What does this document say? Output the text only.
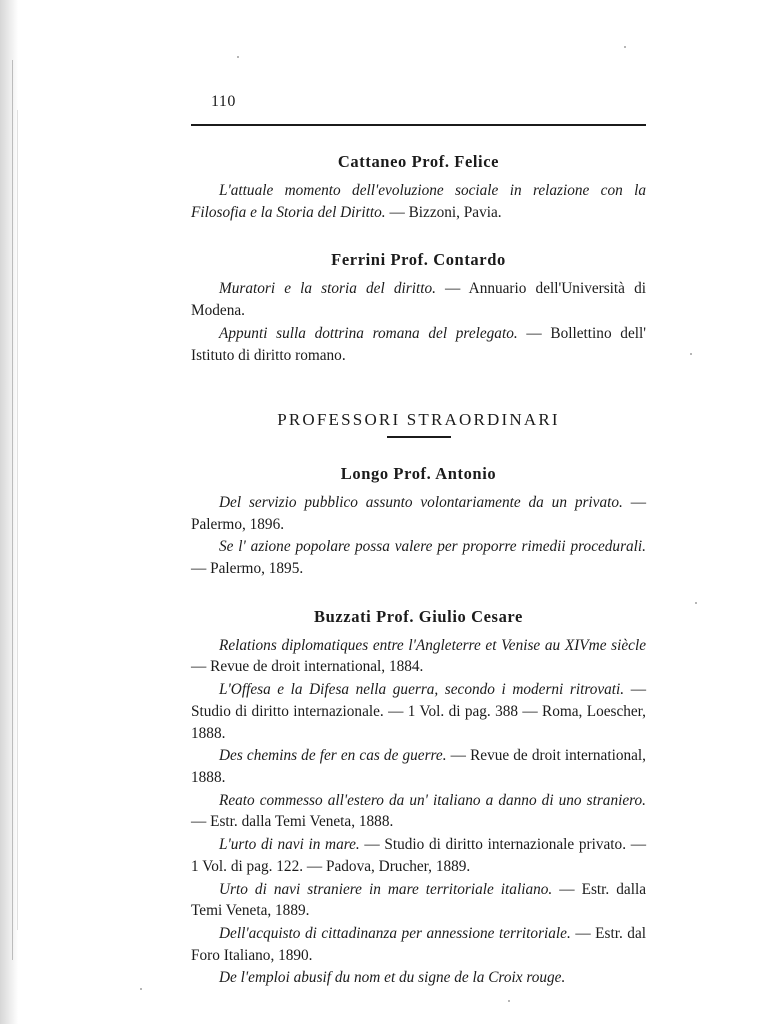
110
Cattaneo Prof. Felice

L'attuale momento dell'evoluzione sociale in relazione con la Filosofia e la Storia del Diritto. — Bizzoni, Pavia.

Ferrini Prof. Contardo

Muratori e la storia del diritto. — Annuario dell'Università di Modena.

Appunti sulla dottrina romana del prelegato. — Bollettino dell' Istituto di diritto romano.

PROFESSORI STRAORDINARI
Longo Prof. Antonio

Del servizio pubblico assunto volontariamente da un privato. — Palermo, 1896.

Se l' azione popolare possa valere per proporre rimedii procedurali. — Palermo, 1895.

Buzzati Prof. Giulio Cesare

Relations diplomatiques entre l'Angleterre et Venise au XIVme siècle — Revue de droit international, 1884.

L'Offesa e la Difesa nella guerra, secondo i moderni ritrovati. — Studio di diritto internazionale. — 1 Vol. di pag. 388 — Roma, Loescher, 1888.

Des chemins de fer en cas de guerre. — Revue de droit international, 1888.

Reato commesso all'estero da un' italiano a danno di uno straniero. — Estr. dalla Temi Veneta, 1888.

L'urto di navi in mare. — Studio di diritto internazionale privato. — 1 Vol. di pag. 122. — Padova, Drucher, 1889.

Urto di navi straniere in mare territoriale italiano. — Estr. dalla Temi Veneta, 1889.

Dell'acquisto di cittadinanza per annessione territoriale. — Estr. dal Foro Italiano, 1890.

De l'emploi abusif du nom et du signe de la Croix rouge.
